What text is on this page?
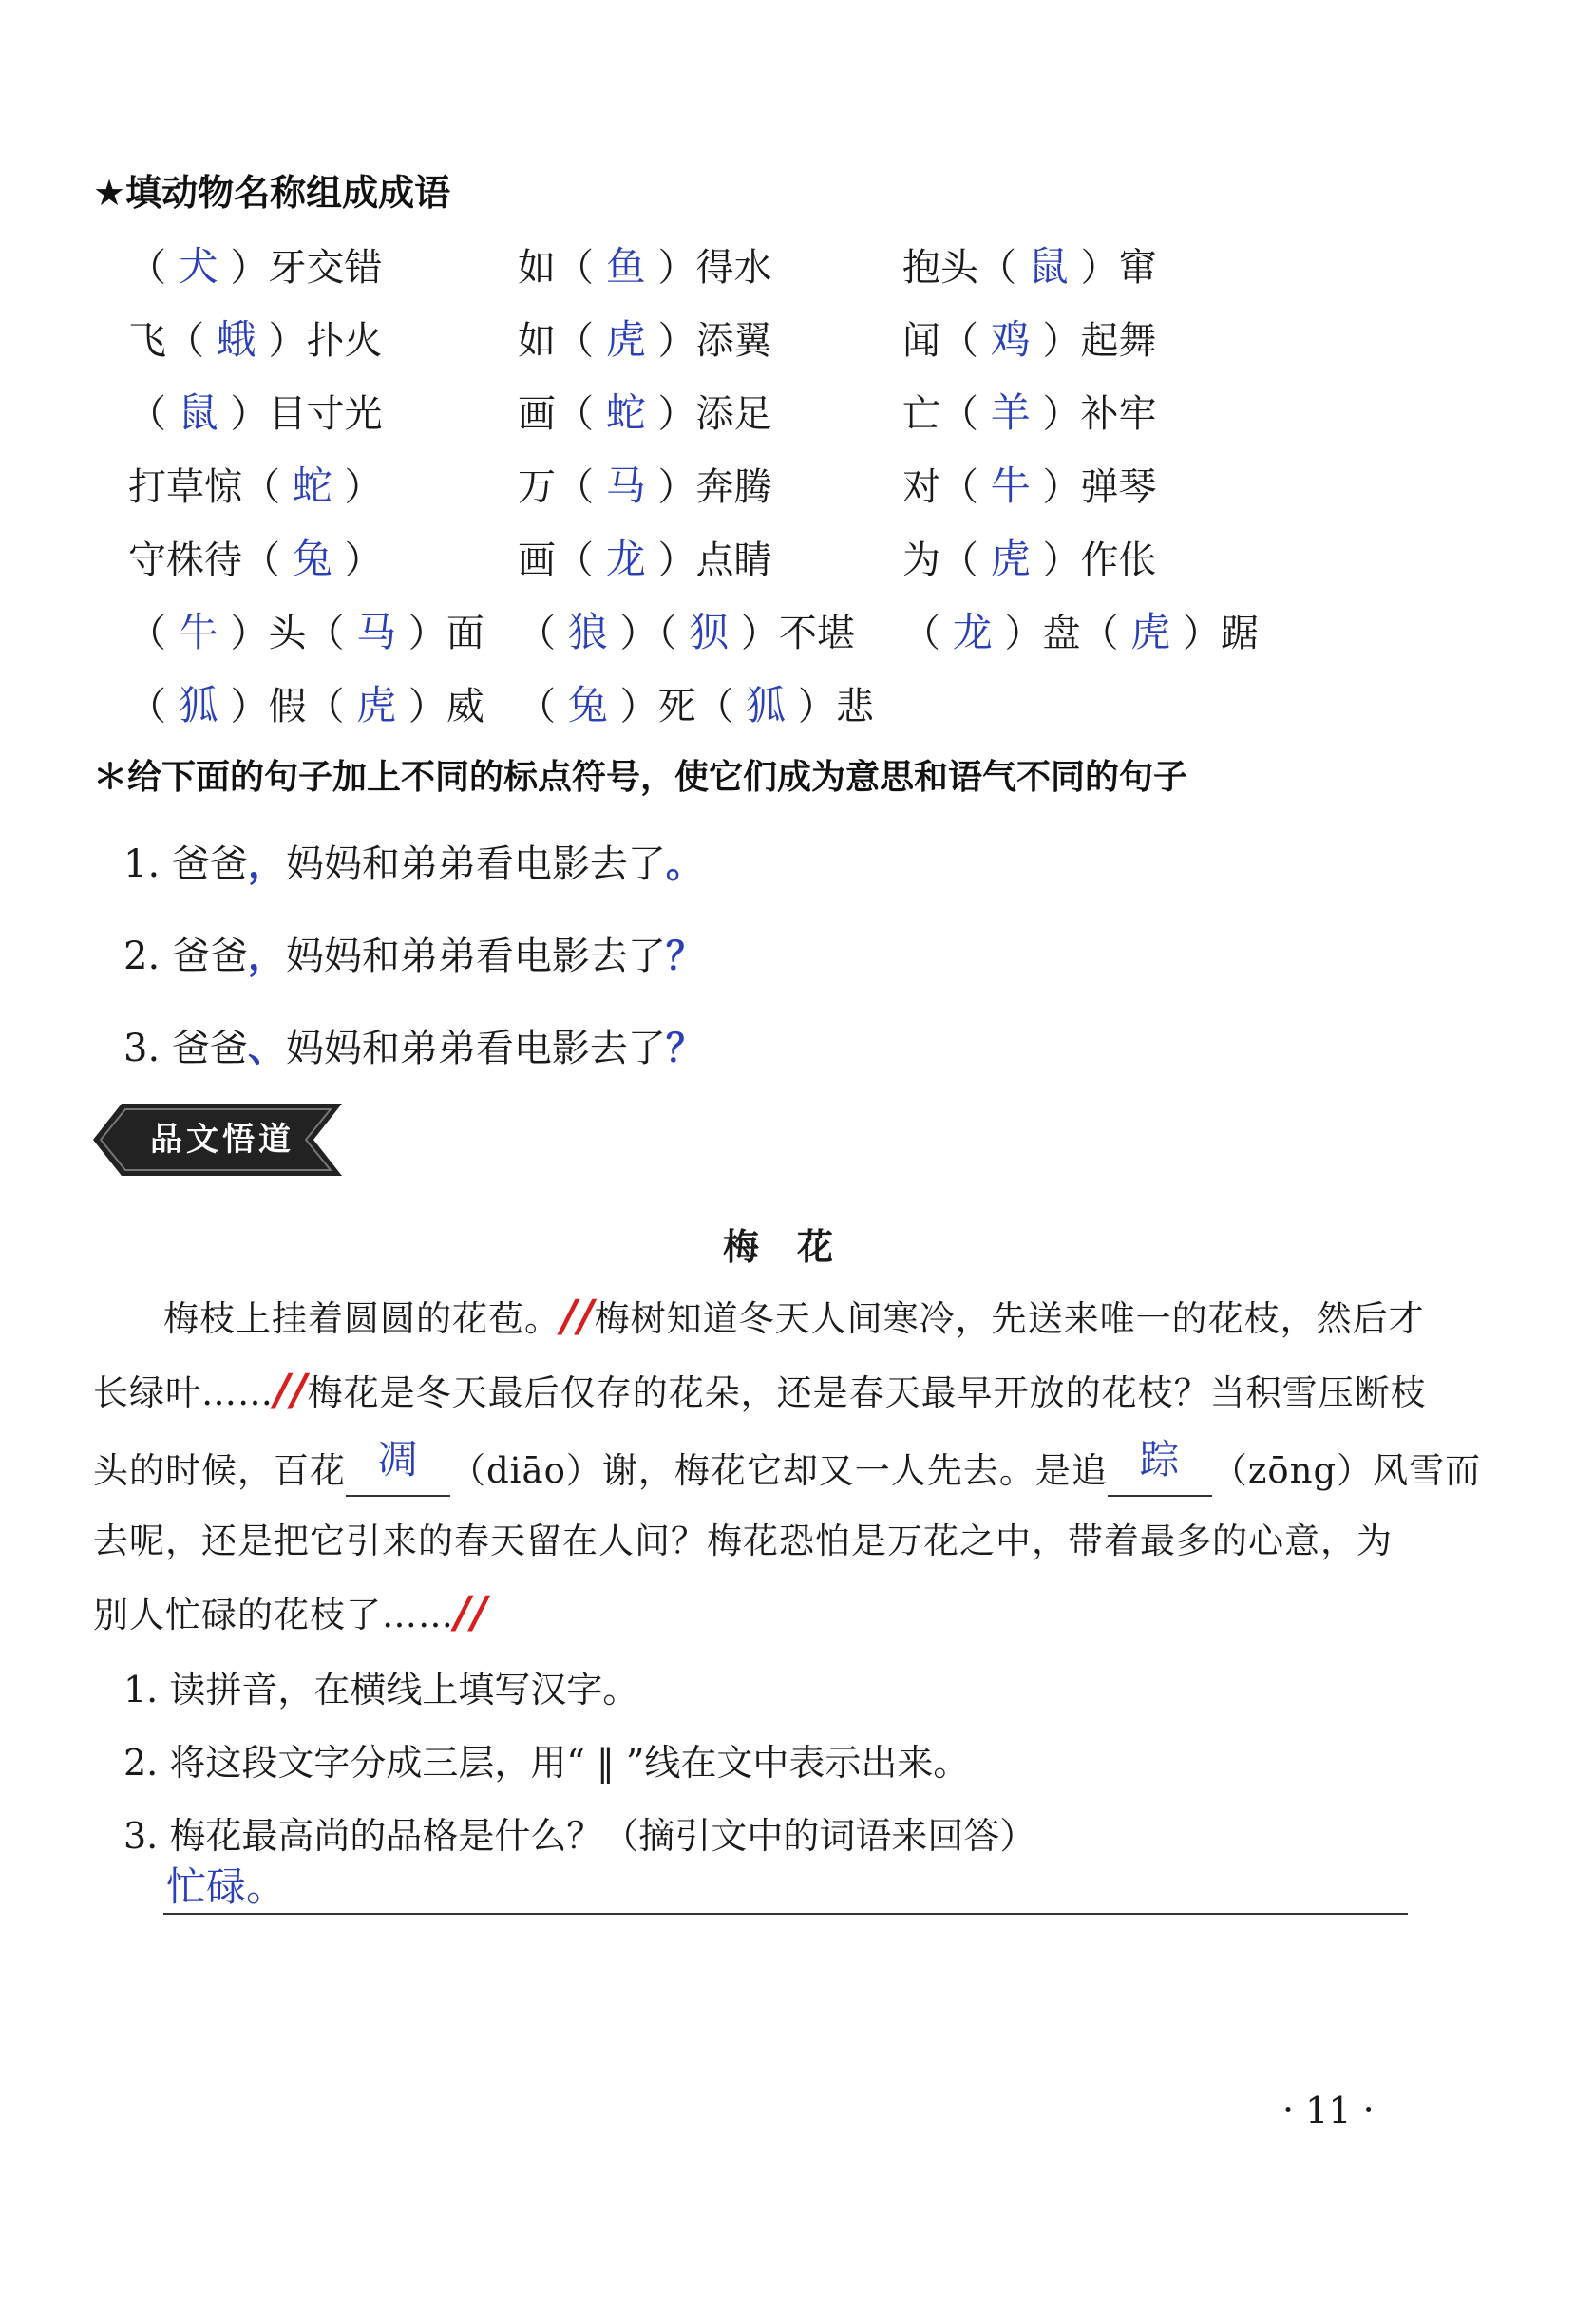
★填动物名称组成成语
（ 犬 ）牙交错	如（ 鱼 ）得水	抱头（ 鼠 ）窜
飞（ 蛾 ）扑火	如（ 虎 ）添翼	闻（ 鸡 ）起舞
（ 鼠 ）目寸光	画（ 蛇 ）添足	亡（ 羊 ）补牢
打草惊（ 蛇 ）	万（ 马 ）奔腾	对（ 牛 ）弹琴
守株待（ 兔 ）	画（ 龙 ）点睛	为（ 虎 ）作伥
（ 牛 ）头（ 马 ）面 （ 狼 ）（ 狈 ）不堪 （ 龙 ）盘（ 虎 ）踞
（ 狐 ）假（ 虎 ）威 （ 兔 ）死（ 狐 ）悲
＊给下面的句子加上不同的标点符号，使它们成为意思和语气不同的句子
1. 爸爸，妈妈和弟弟看电影去了。
2. 爸爸，妈妈和弟弟看电影去了？
3. 爸爸、妈妈和弟弟看电影去了？
品文悟道
梅花
梅枝上挂着圆圆的花苞。//梅树知道冬天人间寒冷，先送来唯一的花枝，然后才
长绿叶……//梅花是冬天最后仅存的花朵，还是春天最早开放的花枝？当积雪压断枝
头的时候，百花 凋 （diāo）谢，梅花它却又一人先去。是追 踪 （zōng）风雪而
去呢，还是把它引来的春天留在人间？梅花恐怕是万花之中，带着最多的心意，为
别人忙碌的花枝了……//
1. 读拼音，在横线上填写汉字。
2. 将这段文字分成三层，用“ ‖ ”线在文中表示出来。
3. 梅花最高尚的品格是什么？（摘引文中的词语来回答）
忙碌。
· 11 ·
